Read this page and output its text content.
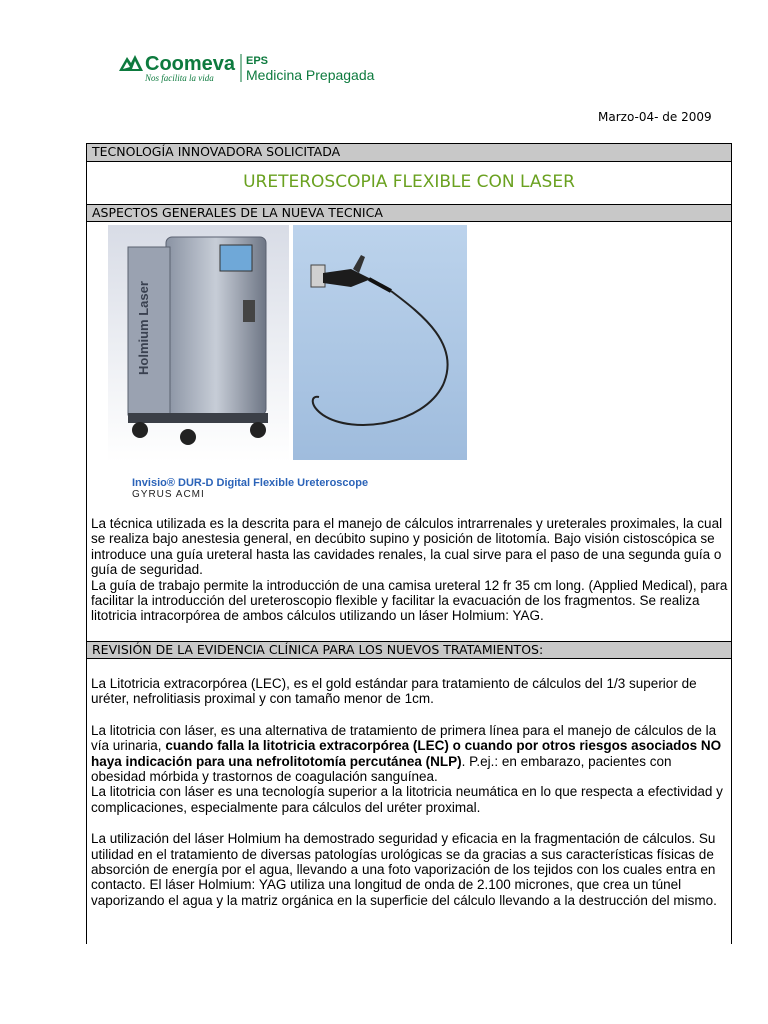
Coomeva
Nos facilita la vida
EPS
Medicina Prepagada
Marzo-04- de 2009
TECNOLOGÍA INNOVADORA SOLICITADA
URETEROSCOPIA FLEXIBLE CON LASER
ASPECTOS GENERALES DE LA NUEVA TECNICA
Holmium Laser
Invisio® DUR-D Digital Flexible Ureteroscope
GYRUS ACMI

La técnica utilizada es la descrita para el manejo de cálculos intrarrenales y ureterales proximales, la cual se realiza bajo anestesia general, en decúbito supino y posición de litotomía. Bajo visión cistoscópica se introduce una guía ureteral hasta las cavidades renales, la cual sirve para el paso de una segunda guía o guía de seguridad.

La guía de trabajo permite la introducción de una camisa ureteral 12 fr 35 cm long. (Applied Medical), para facilitar la introducción del ureteroscopio flexible y facilitar la evacuación de los fragmentos. Se realiza litotricia intracorpórea de ambos cálculos utilizando un láser Holmium: YAG.

REVISIÓN DE LA EVIDENCIA CLÍNICA PARA LOS NUEVOS TRATAMIENTOS:

La Litotricia extracorpórea (LEC), es el gold estándar para tratamiento de cálculos del 1/3 superior de uréter, nefrolitiasis proximal y con tamaño menor de 1cm.

La litotricia con láser, es una alternativa de tratamiento de primera línea para el manejo de cálculos de la vía urinaria, cuando falla la litotricia extracorpórea (LEC) o cuando por otros riesgos asociados NO haya indicación para una nefrolitotomía percutánea (NLP). P.ej.: en embarazo, pacientes con obesidad mórbida y trastornos de coagulación sanguínea.

La litotricia con láser es una tecnología superior a la litotricia neumática en lo que respecta a efectividad y complicaciones, especialmente para cálculos del uréter proximal.

La utilización del láser Holmium ha demostrado seguridad y eficacia en la fragmentación de cálculos. Su utilidad en el tratamiento de diversas patologías urológicas se da gracias a sus características físicas de absorción de energía por el agua, llevando a una foto vaporización de los tejidos con los cuales entra en contacto. El láser Holmium: YAG utiliza una longitud de onda de 2.100 micrones, que crea un túnel vaporizando el agua y la matriz orgánica en la superficie del cálculo llevando a la destrucción del mismo.
